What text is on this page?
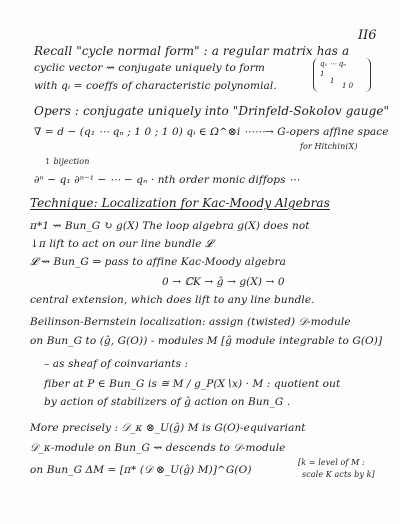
II6
Recall "cycle normal form" : a regular matrix has a
cyclic vector ⇝ conjugate uniquely to form
with qᵢ = coeffs of characteristic polynomial.
q₁ ⋯ qₙ
1
1
1 0
Opers : conjugate uniquely into "Drinfeld-Sokolov gauge"
∇ = d − (q₁ ⋯ qₙ ; 1 0 ; 1 0) qᵢ ∈ Ω^⊗i ⋯⋯→ G-opers affine space
for Hitchin(X)
↕ bijection
∂ⁿ − q₁ ∂ⁿ⁻¹ − ⋯ − qₙ · nth order monic diffops ⋯
Technique: Localization for Kac-Moody Algebras
π*1 ⇝ Bun_G ↻ g(X) The loop algebra g(X) does not
↓π lift to act on our line bundle 𝓛
𝓛 ⇝ Bun_G ⇒ pass to affine Kac-Moody algebra
0 → ℂK → ĝ → g(X) → 0
central extension, which does lift to any line bundle.
Beilinson-Bernstein localization: assign (twisted) 𝒟-module
on Bun_G to (ĝ, G(O)) - modules M [ĝ module integrable to G(O)]
– as sheaf of coinvariants :
fiber at P ∈ Bun_G is ≅ M / g_P(X∖x) · M : quotient out
by action of stabilizers of ĝ action on Bun_G .
More precisely : 𝒟_κ ⊗_U(ĝ) M is G(O)-equivariant
𝒟_κ-module on Bun_G ⇝ descends to 𝒟-module
on Bun_G ΔM = [π* (𝒟 ⊗_U(ĝ) M)]^G(O)
[k = level of M :
scale K acts by k]
